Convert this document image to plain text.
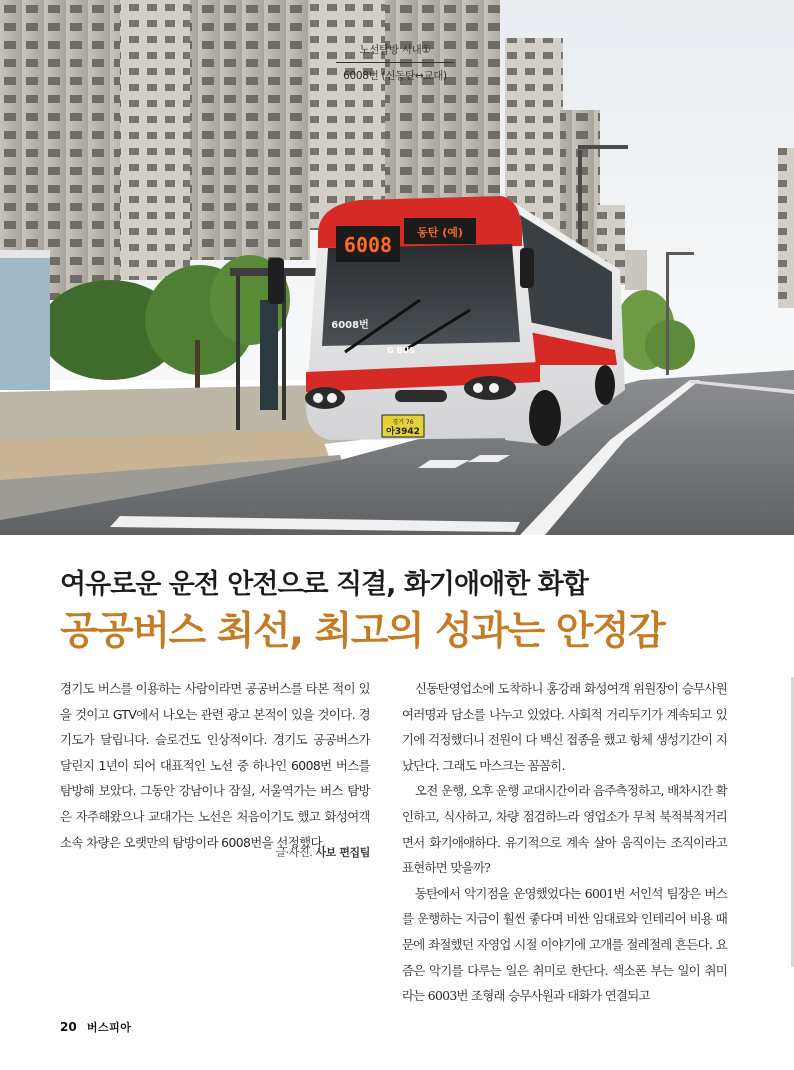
6008
동탄 (예)
6008번
G BUS
경기 76
아3942
노선탐방 시내①
6008번 (신동탄↔교대)
여유로운 운전 안전으로 직결, 화기애애한 화합
공공버스 최선, 최고의 성과는 안정감

경기도 버스를 이용하는 사람이라면 공공버스를 타본 적이 있을 것이고 GTV에서 나오는 관련 광고 본적이 있을 것이다. 경기도가 달립니다. 슬로건도 인상적이다. 경기도 공공버스가 달린지 1년이 되어 대표적인 노선 중 하나인 6008번 버스를 탐방해 보았다. 그동안 강남이나 잠실, 서울역가는 버스 탐방은 자주해왔으나 교대가는 노선은 처음이기도 했고 화성여객 소속 차량은 오랫만의 탐방이라 6008번을 선정했다.

글·사진. 사보 편집팀

신동탄영업소에 도착하니 홍강래 화성여객 위원장이 승무사원 여러명과 담소를 나누고 있었다. 사회적 거리두기가 계속되고 있기에 걱정했더니 전원이 다 백신 접종을 했고 항체 생성기간이 지났단다. 그래도 마스크는 꼼꼼히.

오전 운행, 오후 운행 교대시간이라 음주측정하고, 배차시간 확인하고, 식사하고, 차량 점검하느라 영업소가 무척 북적북적거리면서 화기애애하다. 유기적으로 계속 살아 움직이는 조직이라고 표현하면 맞을까?

동탄에서 악기점을 운영했었다는 6001번 서인석 팀장은 버스를 운행하는 지금이 훨씬 좋다며 비싼 임대료와 인테리어 비용 때문에 좌절했던 자영업 시절 이야기에 고개를 절레절레 흔든다. 요즘은 악기를 다루는 일은 취미로 한단다. 색소폰 부는 일이 취미라는 6003번 조형래 승무사원과 대화가 연결되고

20 버스피아
